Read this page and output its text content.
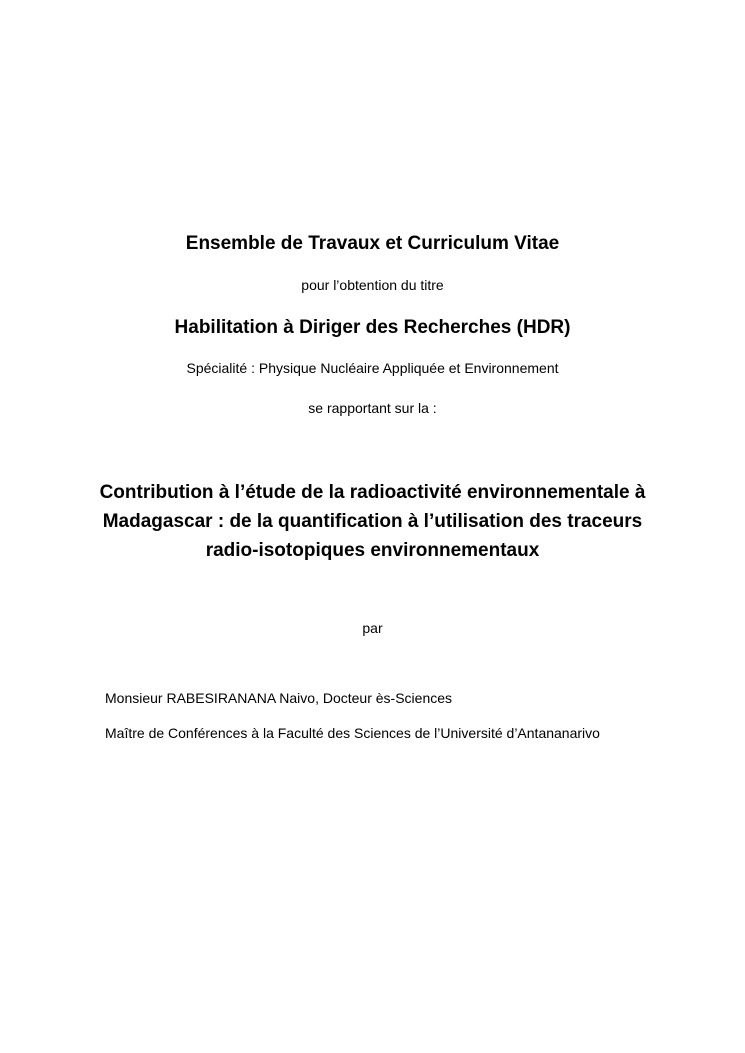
Ensemble de Travaux et Curriculum Vitae
pour l’obtention du titre
Habilitation à Diriger des Recherches (HDR)
Spécialité : Physique Nucléaire Appliquée et Environnement
se rapportant sur la :
Contribution à l’étude de la radioactivité environnementale à
Madagascar : de la quantification à l’utilisation des traceurs
radio-isotopiques environnementaux
par
Monsieur RABESIRANANA Naivo, Docteur ès-Sciences
Maître de Conférences à la Faculté des Sciences de l’Université d’Antananarivo
